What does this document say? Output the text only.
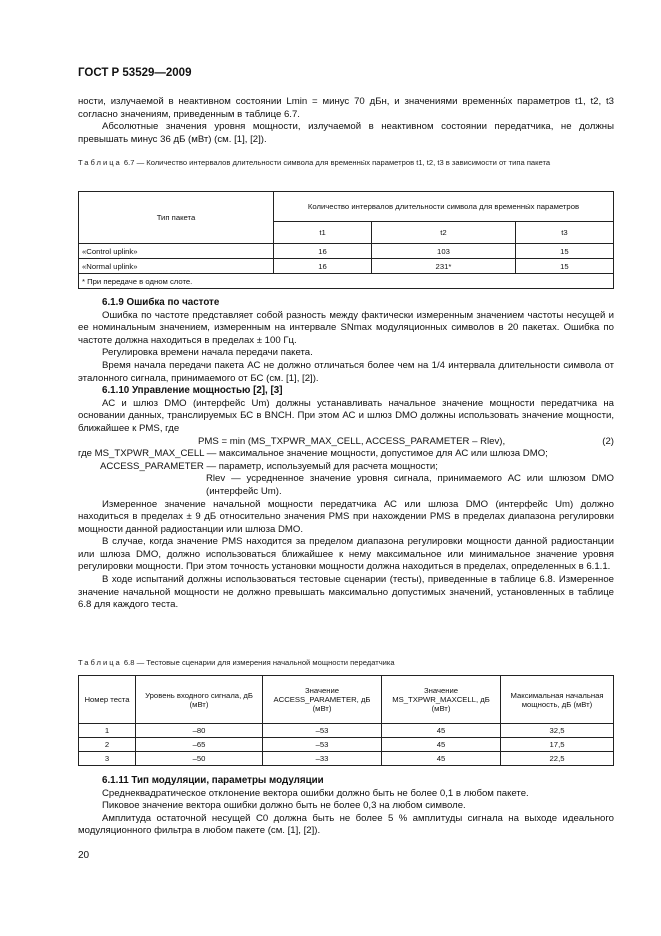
ГОСТ Р 53529—2009

ности, излучаемой в неактивном состоянии Lmin = минус 70 дБн, и значениями временны́х параметров t1, t2, t3 согласно значениям, приведенным в таблице 6.7.

Абсолютные значения уровня мощности, излучаемой в неактивном состоянии передатчика, не должны превышать минус 36 дБ (мВт) (см. [1], [2]).

Таблица 6.7 — Количество интервалов длительности символа для временны́х параметров t1, t2, t3 в зависимости от типа пакета
Тип пакета	Количество интервалов длительности символа для временны́х параметров		
	t1	t2	t3
«Control uplink»	16	103	15
«Normal uplink»	16	231*	15
* При передаче в одном слоте.			
6.1.9 Ошибка по частоте

Ошибка по частоте представляет собой разность между фактически измеренным значением частоты несущей и ее номинальным значением, измеренным на интервале SNmax модуляционных символов в 20 пакетах. Ошибка по частоте должна находиться в пределах ± 100 Гц.

Регулировка времени начала передачи пакета.

Время начала передачи пакета АС не должно отличаться более чем на 1/4 интервала длительности символа от эталонного сигнала, принимаемого от БС (см. [1], [2]).

6.1.10 Управление мощностью [2], [3]

АС и шлюз DMO (интерфейс Um) должны устанавливать начальное значение мощности передатчика на основании данных, транслируемых БС в BNCH. При этом АС и шлюз DMO должны использовать значение мощности, ближайшее к PMS, где

PMS = min (MS_TXPWR_MAX_CELL, ACCESS_PARAMETER – Rlev),	(2)

где MS_TXPWR_MAX_CELL — максимальное значение мощности, допустимое для АС или шлюза DMO;

ACCESS_PARAMETER — параметр, используемый для расчета мощности;

Rlev — усредненное значение уровня сигнала, принимаемого АС или шлюзом DMO (интерфейс Um).

Измеренное значение начальной мощности передатчика АС или шлюза DMO (интерфейс Um) должно находиться в пределах ± 9 дБ относительно значения PMS при нахождении PMS в пределах диапазона регулировки мощности данной радиостанции или шлюза DMO.

В случае, когда значение PMS находится за пределом диапазона регулировки мощности данной радиостанции или шлюза DMO, должно использоваться ближайшее к нему максимальное или минимальное значение уровня регулировки мощности. При этом точность установки мощности должна находиться в пределах, определенных в 6.1.1.

В ходе испытаний должны использоваться тестовые сценарии (тесты), приведенные в таблице 6.8. Измеренное значение начальной мощности не должно превышать максимально допустимых значений, установленных в таблице 6.8 для каждого теста.

Таблица 6.8 — Тестовые сценарии для измерения начальной мощности передатчика
Номер теста	Уровень входного сигнала, дБ (мВт)	Значение ACCESS_PARAMETER, дБ (мВт)	Значение MS_TXPWR_MAXCELL, дБ (мВт)	Максимальная начальная мощность, дБ (мВт)
1	–80	–53	45	32,5
2	–65	–53	45	17,5
3	–50	–33	45	22,5
6.1.11 Тип модуляции, параметры модуляции

Среднеквадратическое отклонение вектора ошибки должно быть не более 0,1 в любом пакете.

Пиковое значение вектора ошибки должно быть не более 0,3 на любом символе.

Амплитуда остаточной несущей C0 должна быть не более 5 % амплитуды сигнала на выходе идеального модуляционного фильтра в любом пакете (см. [1], [2]).

20
